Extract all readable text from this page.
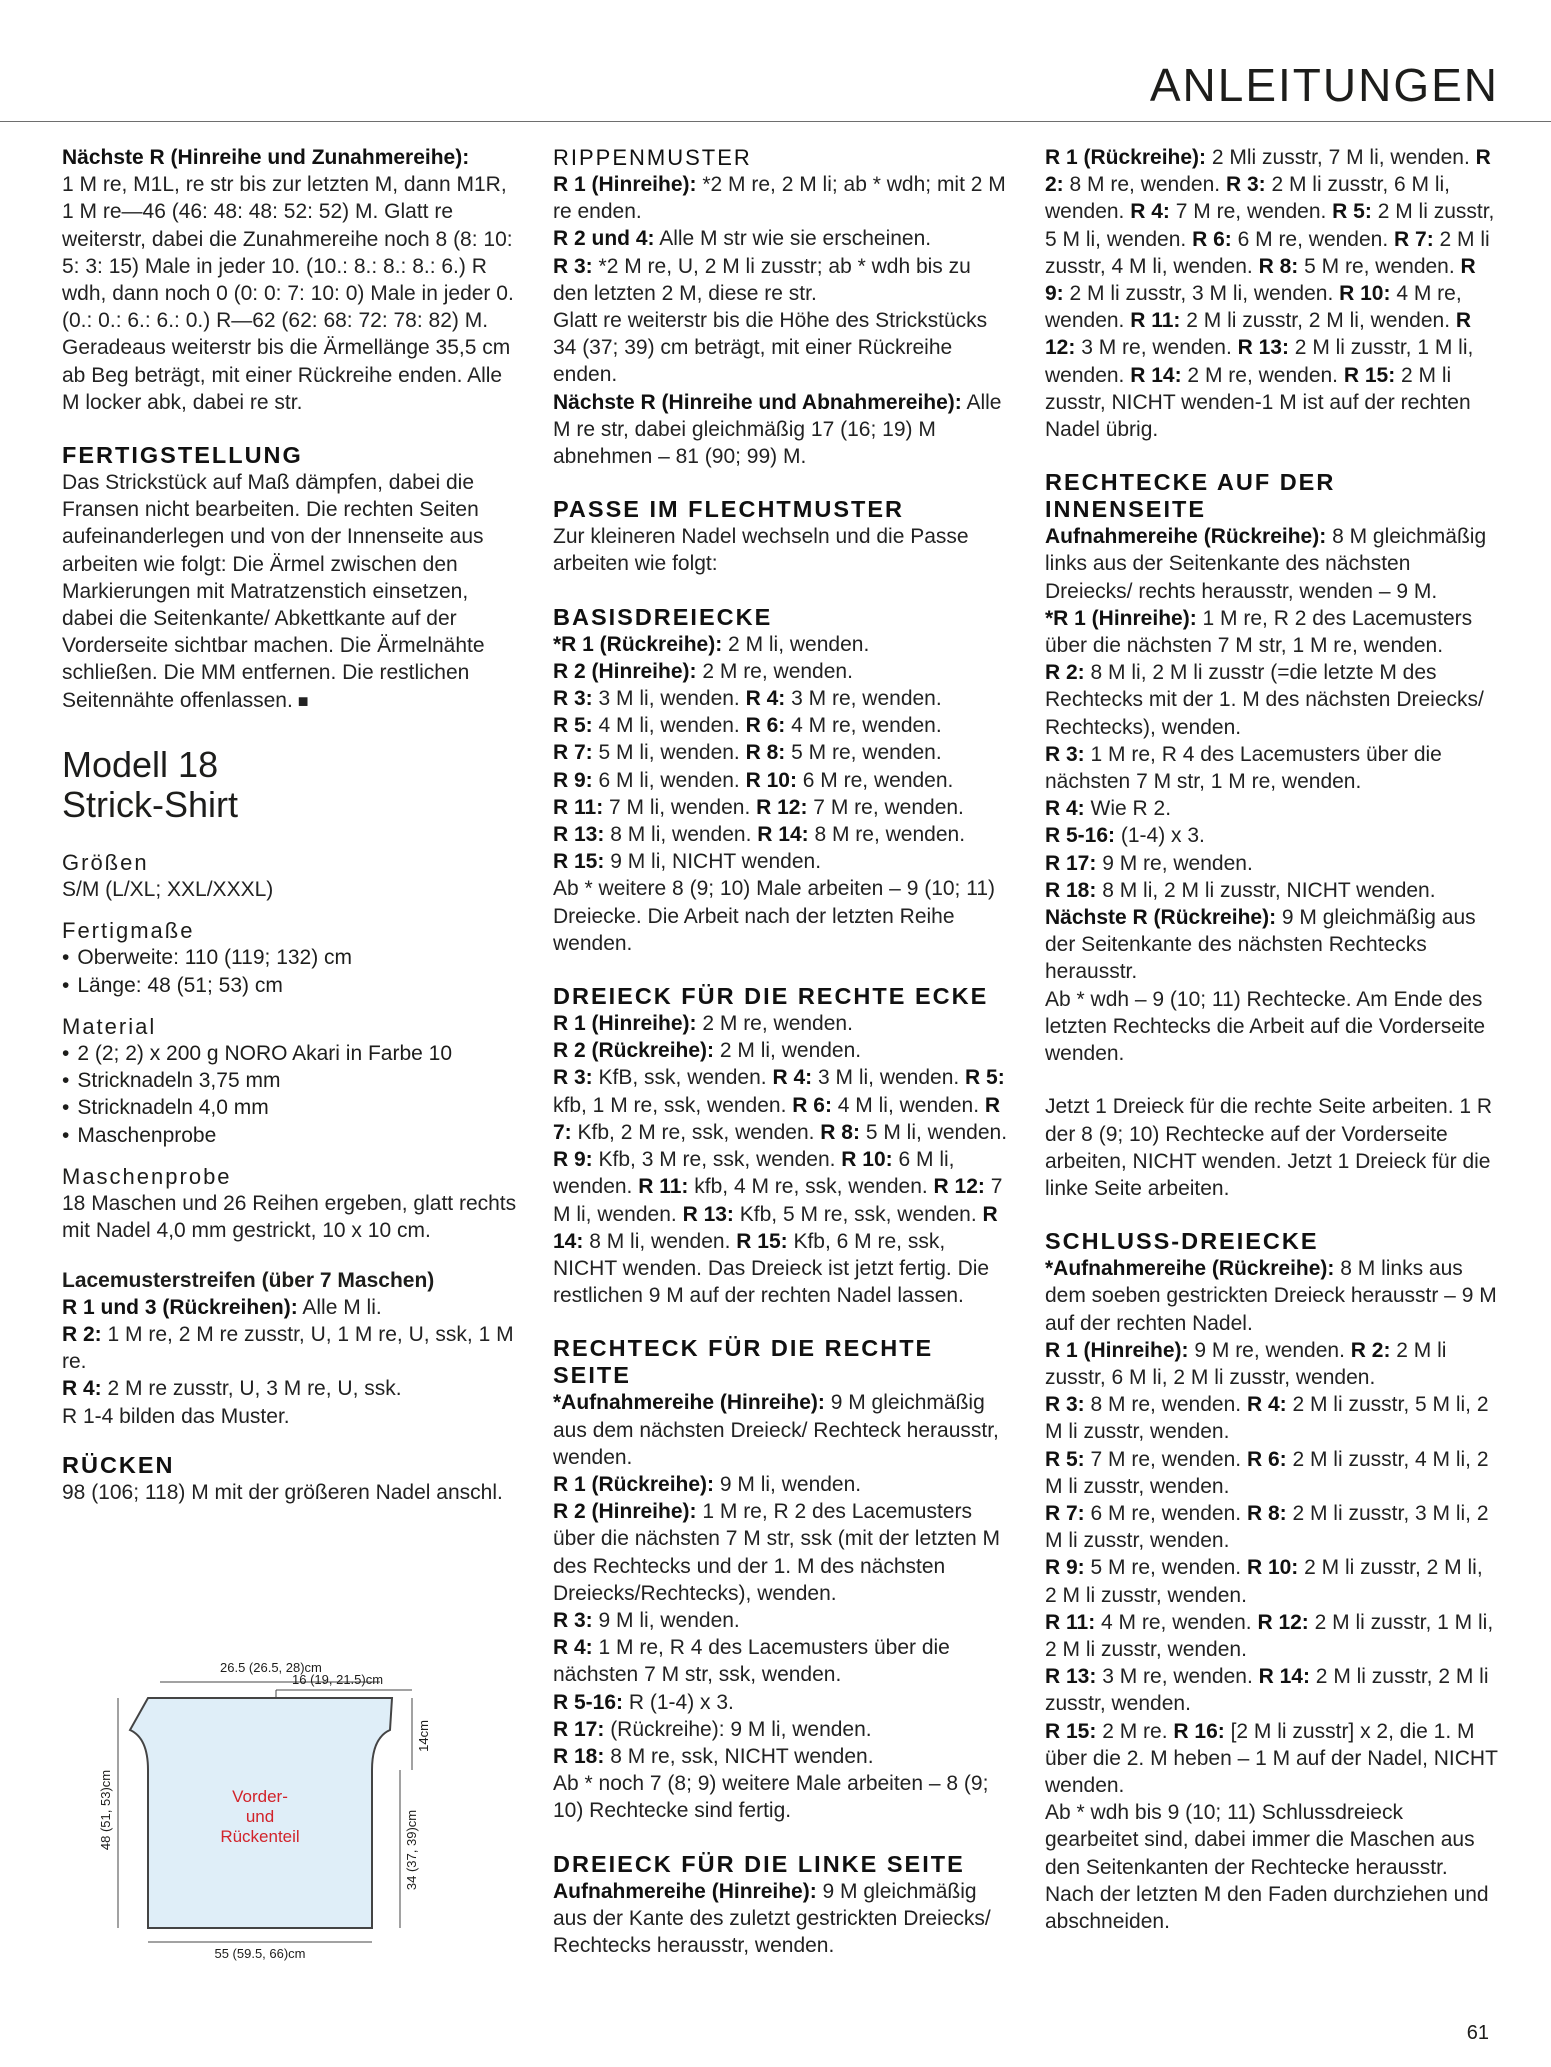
ANLEITUNGEN
Nächste R (Hinreihe und Zunahmereihe):
1 M re, M1L, re str bis zur letzten M, dann M1R, 1 M re—46 (46: 48: 48: 52: 52) M. Glatt re weiterstr, dabei die Zunahmereihe noch 8 (8: 10: 5: 3: 15) Male in jeder 10. (10.: 8.: 8.: 8.: 6.) R wdh, dann noch 0 (0: 0: 7: 10: 0) Male in jeder 0. (0.: 0.: 6.: 6.: 0.) R—62 (62: 68: 72: 78: 82) M. Geradeaus weiterstr bis die Ärmellänge 35,5 cm ab Beg beträgt, mit einer Rückreihe enden. Alle M locker abk, dabei re str.
FERTIGSTELLUNG
Das Strickstück auf Maß dämpfen, dabei die Fransen nicht bearbeiten. Die rechten Seiten aufeinanderlegen und von der Innenseite aus arbeiten wie folgt: Die Ärmel zwischen den Markierungen mit Matratzenstich einsetzen, dabei die Seitenkante/ Abkettkante auf der Vorderseite sichtbar machen. Die Ärmelnähte schließen. Die MM entfernen. Die restlichen Seitennähte offenlassen. ■
Modell 18
Strick-Shirt
Größen
S/M (L/XL; XXL/XXXL)
Fertigmaße
• Oberweite: 110 (119; 132) cm
• Länge: 48 (51; 53) cm
Material
• 2 (2; 2) x 200 g NORO Akari in Farbe 10
• Stricknadeln 3,75 mm
• Stricknadeln 4,0 mm
• Maschenprobe
Maschenprobe
18 Maschen und 26 Reihen ergeben, glatt rechts mit Nadel 4,0 mm gestrickt, 10 x 10 cm.
Lacemusterstreifen (über 7 Maschen)
R 1 und 3 (Rückreihen): Alle M li.
R 2: 1 M re, 2 M re zusstr, U, 1 M re, U, ssk, 1 M re.
R 4: 2 M re zusstr, U, 3 M re, U, ssk.
R 1-4 bilden das Muster.
RÜCKEN
98 (106; 118) M mit der größeren Nadel anschl.
26.5 (26.5, 28)cm
16 (19, 21.5)cm
14cm
34 (37, 39)cm
48 (51, 53)cm
55 (59.5, 66)cm
Vorder-
und
Rückenteil
RIPPENMUSTER
R 1 (Hinreihe): *2 M re, 2 M li; ab * wdh; mit 2 M re enden.
R 2 und 4: Alle M str wie sie erscheinen.
R 3: *2 M re, U, 2 M li zusstr; ab * wdh bis zu den letzten 2 M, diese re str.
Glatt re weiterstr bis die Höhe des Strickstücks 34 (37; 39) cm beträgt, mit einer Rückreihe enden.
Nächste R (Hinreihe und Abnahmereihe): Alle M re str, dabei gleichmäßig 17 (16; 19) M abnehmen – 81 (90; 99) M.
PASSE IM FLECHTMUSTER
Zur kleineren Nadel wechseln und die Passe arbeiten wie folgt:
BASISDREIECKE
*R 1 (Rückreihe): 2 M li, wenden.
R 2 (Hinreihe): 2 M re, wenden.
R 3: 3 M li, wenden. R 4: 3 M re, wenden.
R 5: 4 M li, wenden. R 6: 4 M re, wenden.
R 7: 5 M li, wenden. R 8: 5 M re, wenden.
R 9: 6 M li, wenden. R 10: 6 M re, wenden.
R 11: 7 M li, wenden. R 12: 7 M re, wenden.
R 13: 8 M li, wenden. R 14: 8 M re, wenden.
R 15: 9 M li, NICHT wenden.
Ab * weitere 8 (9; 10) Male arbeiten – 9 (10; 11) Dreiecke. Die Arbeit nach der letzten Reihe wenden.
DREIECK FÜR DIE RECHTE ECKE
R 1 (Hinreihe): 2 M re, wenden.
R 2 (Rückreihe): 2 M li, wenden.
R 3: KfB, ssk, wenden. R 4: 3 M li, wenden. R 5: kfb, 1 M re, ssk, wenden. R 6: 4 M li, wenden. R 7: Kfb, 2 M re, ssk, wenden. R 8: 5 M li, wenden. R 9: Kfb, 3 M re, ssk, wenden. R 10: 6 M li, wenden. R 11: kfb, 4 M re, ssk, wenden. R 12: 7 M li, wenden. R 13: Kfb, 5 M re, ssk, wenden. R 14: 8 M li, wenden. R 15: Kfb, 6 M re, ssk, NICHT wenden. Das Dreieck ist jetzt fertig. Die restlichen 9 M auf der rechten Nadel lassen.
RECHTECK FÜR DIE RECHTE SEITE
*Aufnahmereihe (Hinreihe): 9 M gleichmäßig aus dem nächsten Dreieck/ Rechteck herausstr, wenden.
R 1 (Rückreihe): 9 M li, wenden.
R 2 (Hinreihe): 1 M re, R 2 des Lacemusters über die nächsten 7 M str, ssk (mit der letzten M des Rechtecks und der 1. M des nächsten Dreiecks/Rechtecks), wenden.
R 3: 9 M li, wenden.
R 4: 1 M re, R 4 des Lacemusters über die nächsten 7 M str, ssk, wenden.
R 5-16: R (1-4) x 3.
R 17: (Rückreihe): 9 M li, wenden.
R 18: 8 M re, ssk, NICHT wenden.
Ab * noch 7 (8; 9) weitere Male arbeiten – 8 (9; 10) Rechtecke sind fertig.
DREIECK FÜR DIE LINKE SEITE
Aufnahmereihe (Hinreihe): 9 M gleichmäßig aus der Kante des zuletzt gestrickten Dreiecks/ Rechtecks herausstr, wenden.
R 1 (Rückreihe): 2 Mli zusstr, 7 M li, wenden. R 2: 8 M re, wenden. R 3: 2 M li zusstr, 6 M li, wenden. R 4: 7 M re, wenden. R 5: 2 M li zusstr, 5 M li, wenden. R 6: 6 M re, wenden. R 7: 2 M li zusstr, 4 M li, wenden. R 8: 5 M re, wenden. R 9: 2 M li zusstr, 3 M li, wenden. R 10: 4 M re, wenden. R 11: 2 M li zusstr, 2 M li, wenden. R 12: 3 M re, wenden. R 13: 2 M li zusstr, 1 M li, wenden. R 14: 2 M re, wenden. R 15: 2 M li zusstr, NICHT wenden-1 M ist auf der rechten Nadel übrig.
RECHTECKE AUF DER INNENSEITE
Aufnahmereihe (Rückreihe): 8 M gleichmäßig links aus der Seitenkante des nächsten Dreiecks/ rechts herausstr, wenden – 9 M.
*R 1 (Hinreihe): 1 M re, R 2 des Lacemusters über die nächsten 7 M str, 1 M re, wenden.
R 2: 8 M li, 2 M li zusstr (=die letzte M des Rechtecks mit der 1. M des nächsten Dreiecks/ Rechtecks), wenden.
R 3: 1 M re, R 4 des Lacemusters über die nächsten 7 M str, 1 M re, wenden.
R 4: Wie R 2.
R 5-16: (1-4) x 3.
R 17: 9 M re, wenden.
R 18: 8 M li, 2 M li zusstr, NICHT wenden.
Nächste R (Rückreihe): 9 M gleichmäßig aus der Seitenkante des nächsten Rechtecks herausstr.
Ab * wdh – 9 (10; 11) Rechtecke. Am Ende des letzten Rechtecks die Arbeit auf die Vorderseite wenden.
Jetzt 1 Dreieck für die rechte Seite arbeiten. 1 R der 8 (9; 10) Rechtecke auf der Vorderseite arbeiten, NICHT wenden. Jetzt 1 Dreieck für die linke Seite arbeiten.
SCHLUSS-DREIECKE
*Aufnahmereihe (Rückreihe): 8 M links aus dem soeben gestrickten Dreieck herausstr – 9 M auf der rechten Nadel.
R 1 (Hinreihe): 9 M re, wenden. R 2: 2 M li zusstr, 6 M li, 2 M li zusstr, wenden.
R 3: 8 M re, wenden. R 4: 2 M li zusstr, 5 M li, 2 M li zusstr, wenden.
R 5: 7 M re, wenden. R 6: 2 M li zusstr, 4 M li, 2 M li zusstr, wenden.
R 7: 6 M re, wenden. R 8: 2 M li zusstr, 3 M li, 2 M li zusstr, wenden.
R 9: 5 M re, wenden. R 10: 2 M li zusstr, 2 M li, 2 M li zusstr, wenden.
R 11: 4 M re, wenden. R 12: 2 M li zusstr, 1 M li, 2 M li zusstr, wenden.
R 13: 3 M re, wenden. R 14: 2 M li zusstr, 2 M li zusstr, wenden.
R 15: 2 M re. R 16: [2 M li zusstr] x 2, die 1. M über die 2. M heben – 1 M auf der Nadel, NICHT wenden.
Ab * wdh bis 9 (10; 11) Schlussdreieck gearbeitet sind, dabei immer die Maschen aus den Seitenkanten der Rechtecke herausstr. Nach der letzten M den Faden durchziehen und abschneiden.
61
